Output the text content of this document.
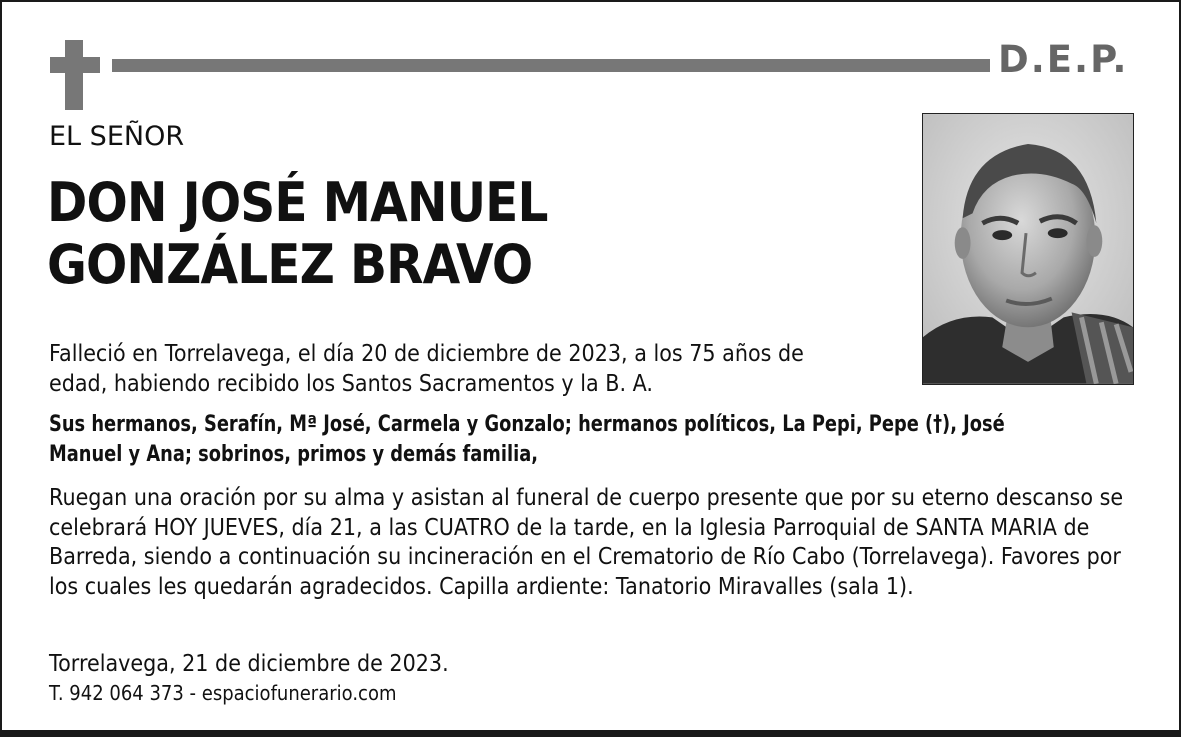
D.E.P.
EL SEÑOR
DON JOSÉ MANUEL
GONZÁLEZ BRAVO
Falleció en Torrelavega, el día 20 de diciembre de 2023, a los 75 años de edad, habiendo recibido los Santos Sacramentos y la B. A.
Sus hermanos, Serafín, Mª José, Carmela y Gonzalo; hermanos políticos, La Pepi, Pepe (†), José Manuel y Ana; sobrinos, primos y demás familia,
Ruegan una oración por su alma y asistan al funeral de cuerpo presente que por su eterno descanso se celebrará HOY JUEVES, día 21, a las CUATRO de la tarde, en la Iglesia Parroquial de SANTA MARIA de Barreda, siendo a continuación su incineración en el Crematorio de Río Cabo (Torrelavega). Favores por los cuales les quedarán agradecidos. Capilla ardiente: Tanatorio Miravalles (sala 1).
Torrelavega, 21 de diciembre de 2023.
T. 942 064 373 - espaciofunerario.com
